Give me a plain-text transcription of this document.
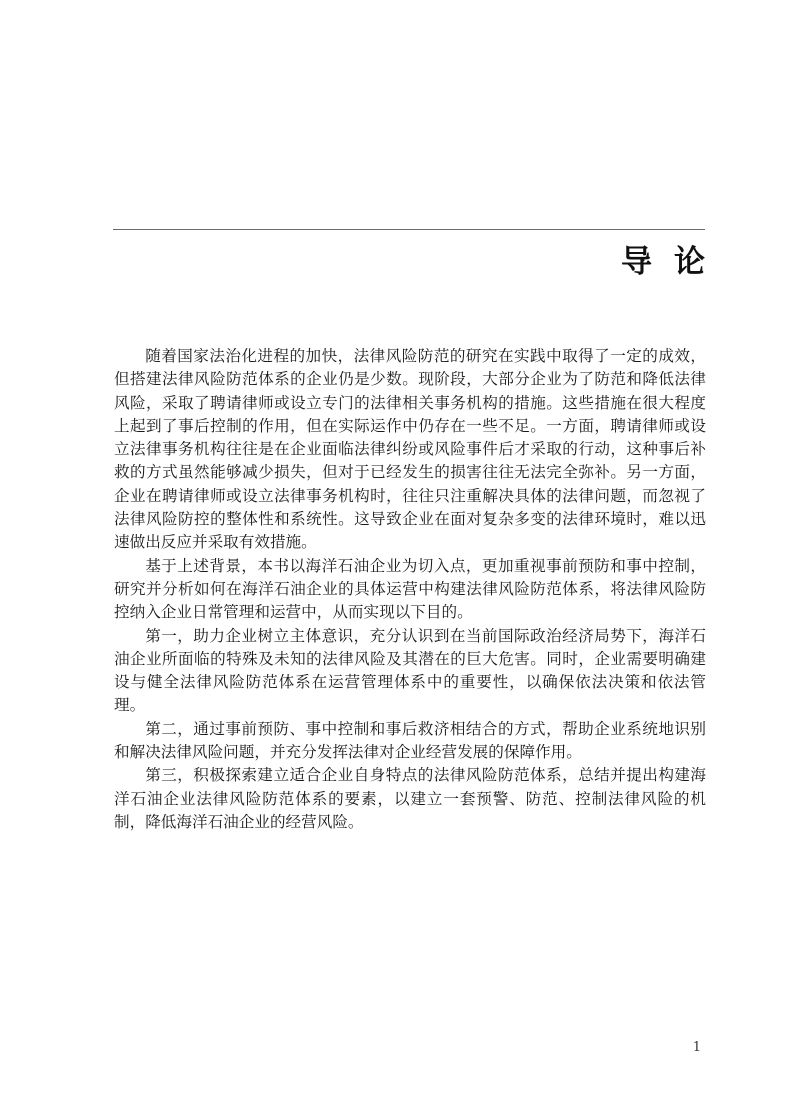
导论

随着国家法治化进程的加快，法律风险防范的研究在实践中取得了一定的成效，但搭建法律风险防范体系的企业仍是少数。现阶段，大部分企业为了防范和降低法律风险，采取了聘请律师或设立专门的法律相关事务机构的措施。这些措施在很大程度上起到了事后控制的作用，但在实际运作中仍存在一些不足。一方面，聘请律师或设立法律事务机构往往是在企业面临法律纠纷或风险事件后才采取的行动，这种事后补救的方式虽然能够减少损失，但对于已经发生的损害往往无法完全弥补。另一方面，企业在聘请律师或设立法律事务机构时，往往只注重解决具体的法律问题，而忽视了法律风险防控的整体性和系统性。这导致企业在面对复杂多变的法律环境时，难以迅速做出反应并采取有效措施。

基于上述背景，本书以海洋石油企业为切入点，更加重视事前预防和事中控制，研究并分析如何在海洋石油企业的具体运营中构建法律风险防范体系，将法律风险防控纳入企业日常管理和运营中，从而实现以下目的。

第一，助力企业树立主体意识，充分认识到在当前国际政治经济局势下，海洋石油企业所面临的特殊及未知的法律风险及其潜在的巨大危害。同时，企业需要明确建设与健全法律风险防范体系在运营管理体系中的重要性，以确保依法决策和依法管理。

第二，通过事前预防、事中控制和事后救济相结合的方式，帮助企业系统地识别和解决法律风险问题，并充分发挥法律对企业经营发展的保障作用。

第三，积极探索建立适合企业自身特点的法律风险防范体系，总结并提出构建海洋石油企业法律风险防范体系的要素，以建立一套预警、防范、控制法律风险的机制，降低海洋石油企业的经营风险。

1
